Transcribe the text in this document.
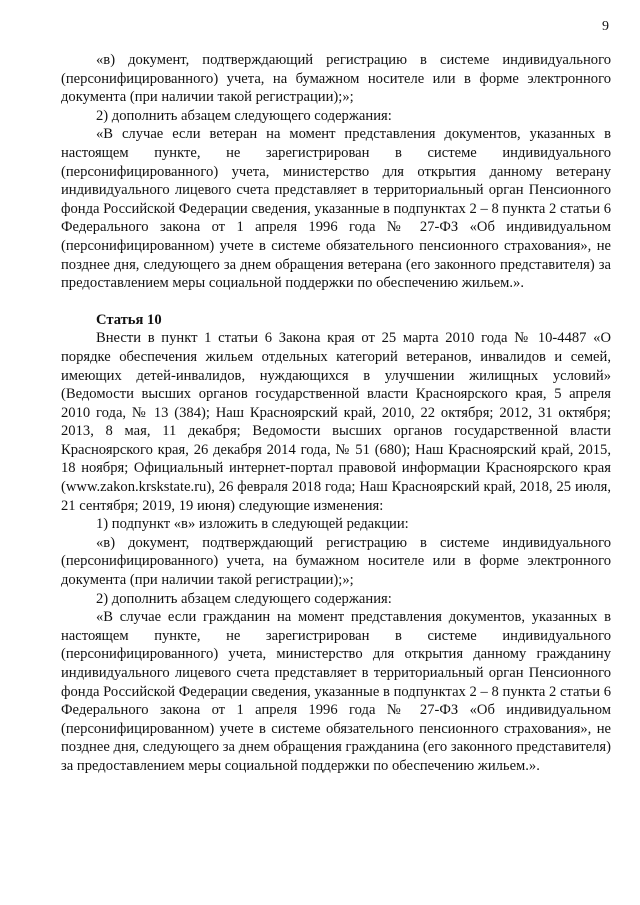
9

«в) документ, подтверждающий регистрацию в системе индивидуального (персонифицированного) учета, на бумажном носителе или в форме электронного документа (при наличии такой регистрации);»;

2) дополнить абзацем следующего содержания:

«В случае если ветеран на момент представления документов, указанных в настоящем пункте, не зарегистрирован в системе индивидуального (персонифицированного) учета, министерство для открытия данному ветерану индивидуального лицевого счета представляет в территориальный орган Пенсионного фонда Российской Федерации сведения, указанные в подпунктах 2 – 8 пункта 2 статьи 6 Федерального закона от 1 апреля 1996 года № 27-ФЗ «Об индивидуальном (персонифицированном) учете в системе обязательного пенсионного страхования», не позднее дня, следующего за днем обращения ветерана (его законного представителя) за предоставлением меры социальной поддержки по обеспечению жильем.».

Статья 10

Внести в пункт 1 статьи 6 Закона края от 25 марта 2010 года № 10-4487 «О порядке обеспечения жильем отдельных категорий ветеранов, инвалидов и семей, имеющих детей-инвалидов, нуждающихся в улучшении жилищных условий» (Ведомости высших органов государственной власти Красноярского края, 5 апреля 2010 года, № 13 (384); Наш Красноярский край, 2010, 22 октября; 2012, 31 октября; 2013, 8 мая, 11 декабря; Ведомости высших органов государственной власти Красноярского края, 26 декабря 2014 года, № 51 (680); Наш Красноярский край, 2015, 18 ноября; Официальный интернет-портал правовой информации Красноярского края (www.zakon.krskstate.ru), 26 февраля 2018 года; Наш Красноярский край, 2018, 25 июля, 21 сентября; 2019, 19 июня) следующие изменения:

1) подпункт «в» изложить в следующей редакции:

«в) документ, подтверждающий регистрацию в системе индивидуального (персонифицированного) учета, на бумажном носителе или в форме электронного документа (при наличии такой регистрации);»;

2) дополнить абзацем следующего содержания:

«В случае если гражданин на момент представления документов, указанных в настоящем пункте, не зарегистрирован в системе индивидуального (персонифицированного) учета, министерство для открытия данному гражданину индивидуального лицевого счета представляет в территориальный орган Пенсионного фонда Российской Федерации сведения, указанные в подпунктах 2 – 8 пункта 2 статьи 6 Федерального закона от 1 апреля 1996 года № 27-ФЗ «Об индивидуальном (персонифицированном) учете в системе обязательного пенсионного страхования», не позднее дня, следующего за днем обращения гражданина (его законного представителя) за предоставлением меры социальной поддержки по обеспечению жильем.».
